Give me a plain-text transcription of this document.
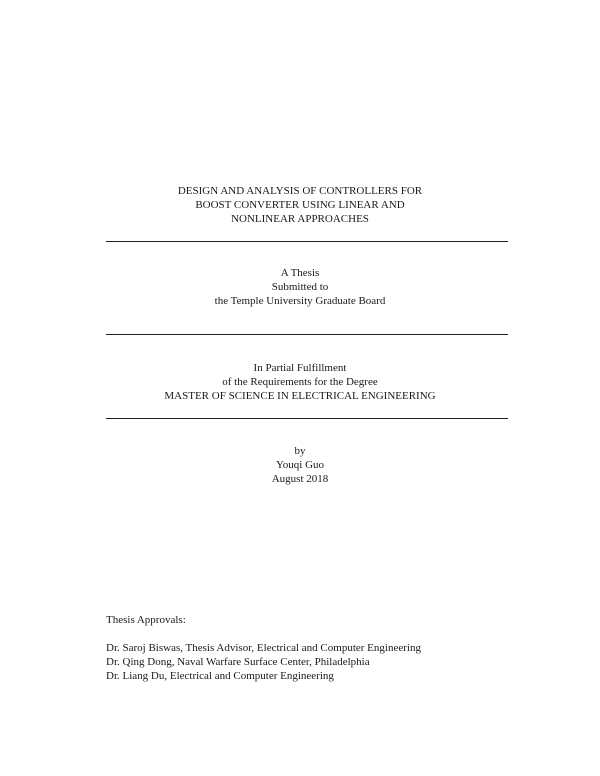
DESIGN AND ANALYSIS OF CONTROLLERS FOR
BOOST CONVERTER USING LINEAR AND
NONLINEAR APPROACHES
A Thesis
Submitted to
the Temple University Graduate Board
In Partial Fulfillment
of the Requirements for the Degree
MASTER OF SCIENCE IN ELECTRICAL ENGINEERING
by
Youqi Guo
August 2018
Thesis Approvals:
Dr. Saroj Biswas, Thesis Advisor, Electrical and Computer Engineering
Dr. Qing Dong, Naval Warfare Surface Center, Philadelphia
Dr. Liang Du, Electrical and Computer Engineering
